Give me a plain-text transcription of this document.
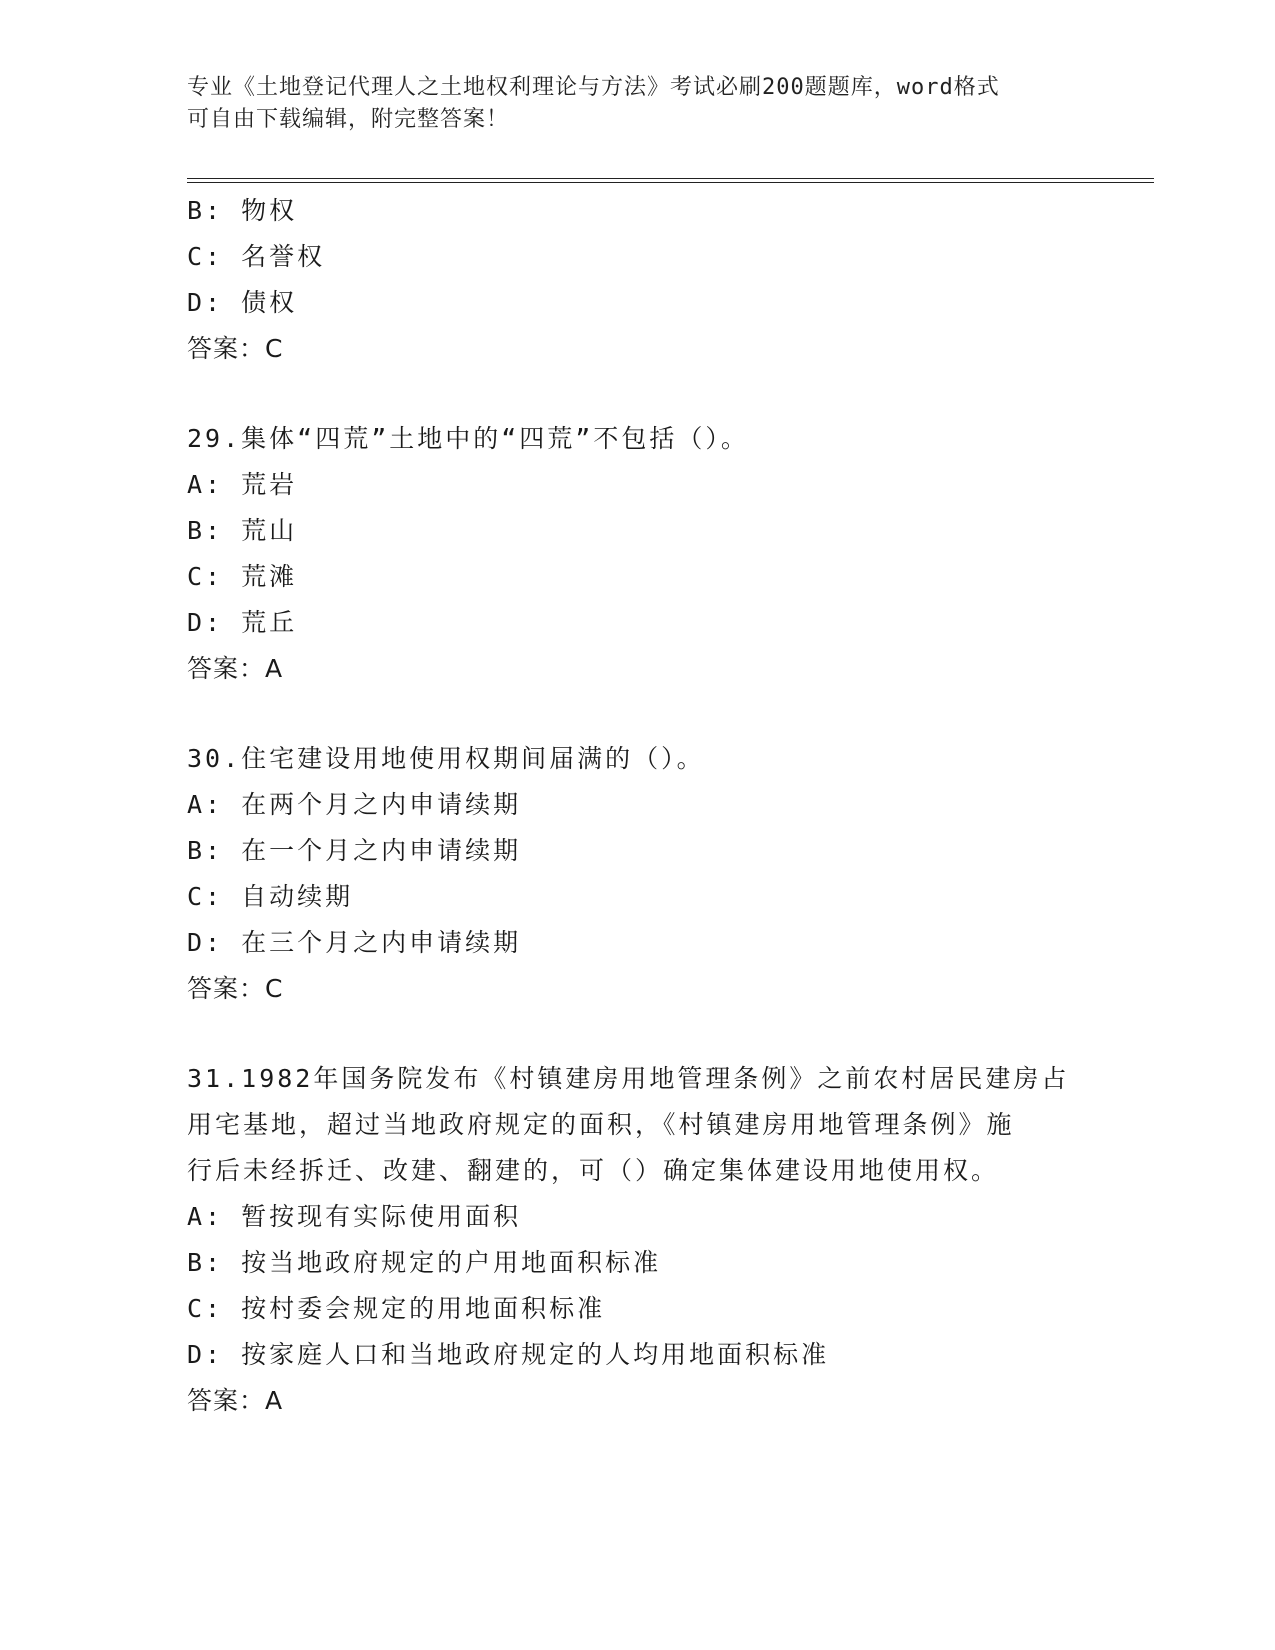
专业《土地登记代理人之土地权利理论与方法》考试必刷200题题库，word格式
可自由下载编辑，附完整答案！
B: 物权
C: 名誉权
D: 债权
答案：C
29.集体“四荒”土地中的“四荒”不包括（）。
A: 荒岩
B: 荒山
C: 荒滩
D: 荒丘
答案：A
30.住宅建设用地使用权期间届满的（）。
A: 在两个月之内申请续期
B: 在一个月之内申请续期
C: 自动续期
D: 在三个月之内申请续期
答案：C
31.1982年国务院发布《村镇建房用地管理条例》之前农村居民建房占
用宅基地，超过当地政府规定的面积，《村镇建房用地管理条例》施
行后未经拆迁、改建、翻建的，可（）确定集体建设用地使用权。
A: 暂按现有实际使用面积
B: 按当地政府规定的户用地面积标准
C: 按村委会规定的用地面积标准
D: 按家庭人口和当地政府规定的人均用地面积标准
答案：A
